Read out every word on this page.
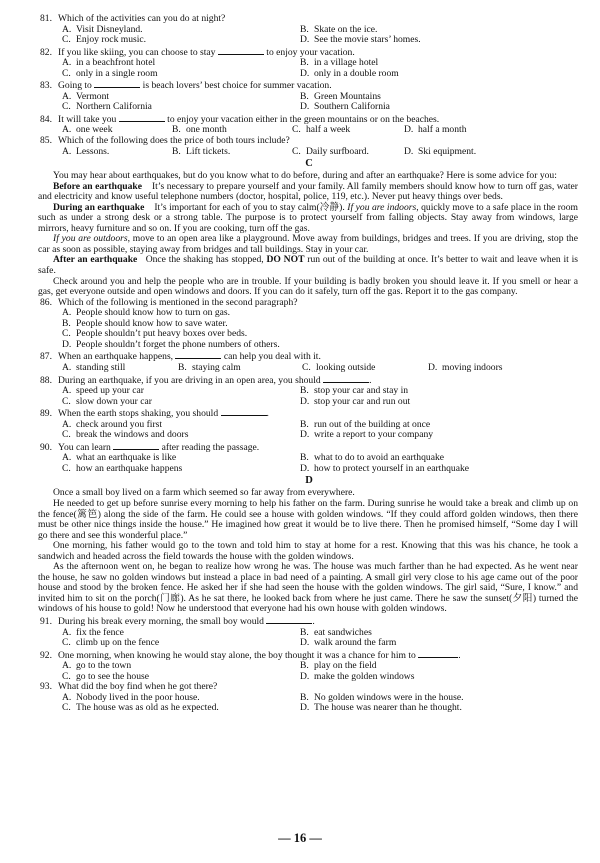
81. Which of the activities can you do at night?
A. Visit Disneyland.	B. Skate on the ice.
C. Enjoy rock music.	D. See the movie stars’ homes.
82. If you like skiing, you can choose to stay	to enjoy your vacation.
A. in a beachfront hotel	B. in a village hotel
C. only in a single room	D. only in a double room
83. Going to	is beach lovers’ best choice for summer vacation.
A. Vermont	B. Green Mountains
C. Northern California	D. Southern California
84. It will take you	to enjoy your vacation either in the green mountains or on the beaches.
A. one week	B. one month	C. half a week	D. half a month
85. Which of the following does the price of both tours include?
A. Lessons.	B. Lift tickets.	C. Daily surfboard.	D. Ski equipment.
C

You may hear about earthquakes, but do you know what to do before, during and after an earthquake? Here is some advice for you:

Before an earthquake It’s necessary to prepare yourself and your family. All family members should know how to turn off gas, water and electricity and know useful telephone numbers (doctor, hospital, police, 119, etc.). Never put heavy things over beds.

During an earthquake It’s important for each of you to stay calm(冷静). If you are indoors, quickly move to a safe place in the room such as under a strong desk or a strong table. The purpose is to protect yourself from falling objects. Stay away from windows, large mirrors, heavy furniture and so on. If you are cooking, turn off the gas.

If you are outdoors, move to an open area like a playground. Move away from buildings, bridges and trees. If you are driving, stop the car as soon as possible, staying away from bridges and tall buildings. Stay in your car.

After an earthquake Once the shaking has stopped, DO NOT run out of the building at once. It’s better to wait and leave when it is safe.

Check around you and help the people who are in trouble. If your building is badly broken you should leave it. If you smell or hear a gas, get everyone outside and open windows and doors. If you can do it safely, turn off the gas. Report it to the gas company.

86. Which of the following is mentioned in the second paragraph?
A. People should know how to turn on gas.
B. People should know how to save water.
C. People shouldn’t put heavy boxes over beds.
D. People shouldn’t forget the phone numbers of others.
87. When an earthquake happens,	can help you deal with it.
A. standing still	B. staying calm	C. looking outside	D. moving indoors
88. During an earthquake, if you are driving in an open area, you should	.
A. speed up your car	B. stop your car and stay in
C. slow down your car	D. stop your car and run out
89. When the earth stops shaking, you should	.
A. check around you first	B. run out of the building at once
C. break the windows and doors	D. write a report to your company
90. You can learn	after reading the passage.
A. what an earthquake is like	B. what to do to avoid an earthquake
C. how an earthquake happens	D. how to protect yourself in an earthquake
D

Once a small boy lived on a farm which seemed so far away from everywhere.

He needed to get up before sunrise every morning to help his father on the farm. During sunrise he would take a break and climb up on the fence(篱笆) along the side of the farm. He could see a house with golden windows. “If they could afford golden windows, then there must be other nice things inside the house.” He imagined how great it would be to live there. Then he promised himself, “Some day I will go there and see this wonderful place.”

One morning, his father would go to the town and told him to stay at home for a rest. Knowing that this was his chance, he took a sandwich and headed across the field towards the house with the golden windows.

As the afternoon went on, he began to realize how wrong he was. The house was much farther than he had expected. As he went near the house, he saw no golden windows but instead a place in bad need of a painting. A small girl very close to his age came out of the poor house and stood by the broken fence. He asked her if she had seen the house with the golden windows. The girl said, “Sure, I know.” and invited him to sit on the porch(门廊). As he sat there, he looked back from where he just came. There he saw the sunset(夕阳) turned the windows of his house to gold! Now he understood that everyone had his own house with golden windows.

91. During his break every morning, the small boy would	.
A. fix the fence	B. eat sandwiches
C. climb up on the fence	D. walk around the farm
92. One morning, when knowing he would stay alone, the boy thought it was a chance for him to	.
A. go to the town	B. play on the field
C. go to see the house	D. make the golden windows
93. What did the boy find when he got there?
A. Nobody lived in the poor house.	B. No golden windows were in the house.
C. The house was as old as he expected.	D. The house was nearer than he thought.
— 16 —
